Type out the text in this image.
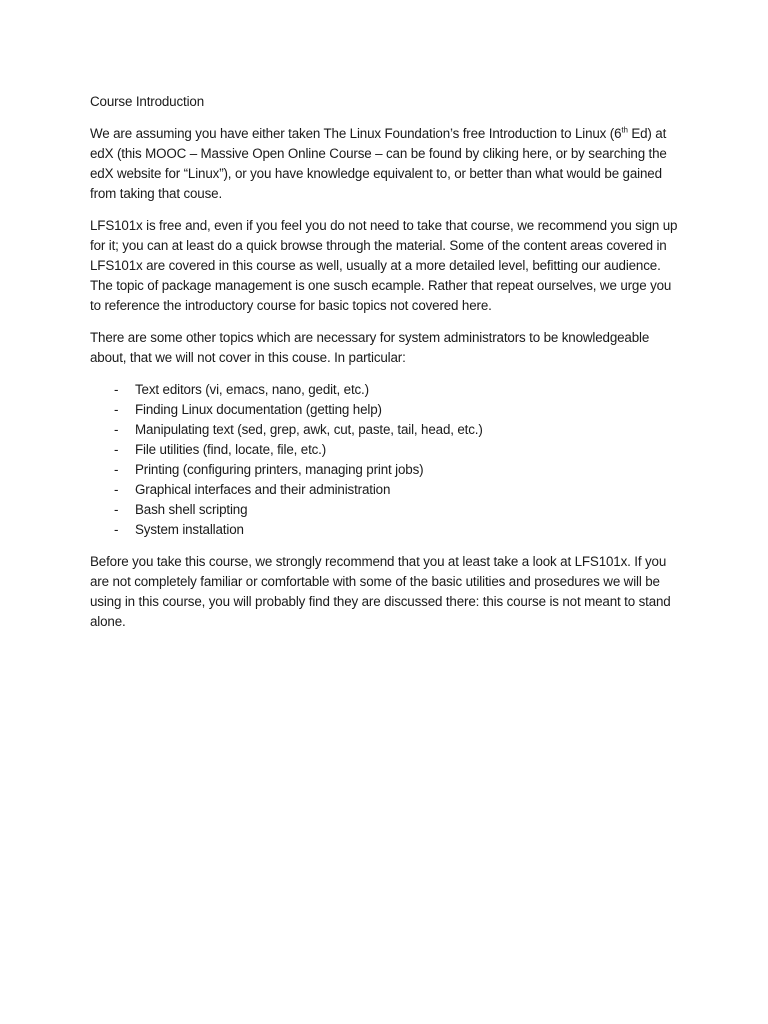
Course Introduction

We are assuming you have either taken The Linux Foundation’s free Introduction to Linux (6th Ed) at edX (this MOOC – Massive Open Online Course – can be found by cliking here, or by searching the edX website for “Linux”), or you have knowledge equivalent to, or better than what would be gained from taking that couse.

LFS101x is free and, even if you feel you do not need to take that course, we recommend you sign up for it; you can at least do a quick browse through the material. Some of the content areas covered in LFS101x are covered in this course as well, usually at a more detailed level, befitting our audience. The topic of package management is one susch ecample. Rather that repeat ourselves, we urge you to reference the introductory course for basic topics not covered here.

There are some other topics which are necessary for system administrators to be knowledgeable about, that we will not cover in this couse. In particular:

- Text editors (vi, emacs, nano, gedit, etc.)
- Finding Linux documentation (getting help)
- Manipulating text (sed, grep, awk, cut, paste, tail, head, etc.)
- File utilities (find, locate, file, etc.)
- Printing (configuring printers, managing print jobs)
- Graphical interfaces and their administration
- Bash shell scripting
- System installation

Before you take this course, we strongly recommend that you at least take a look at LFS101x. If you are not completely familiar or comfortable with some of the basic utilities and prosedures we will be using in this course, you will probably find they are discussed there: this course is not meant to stand alone.
